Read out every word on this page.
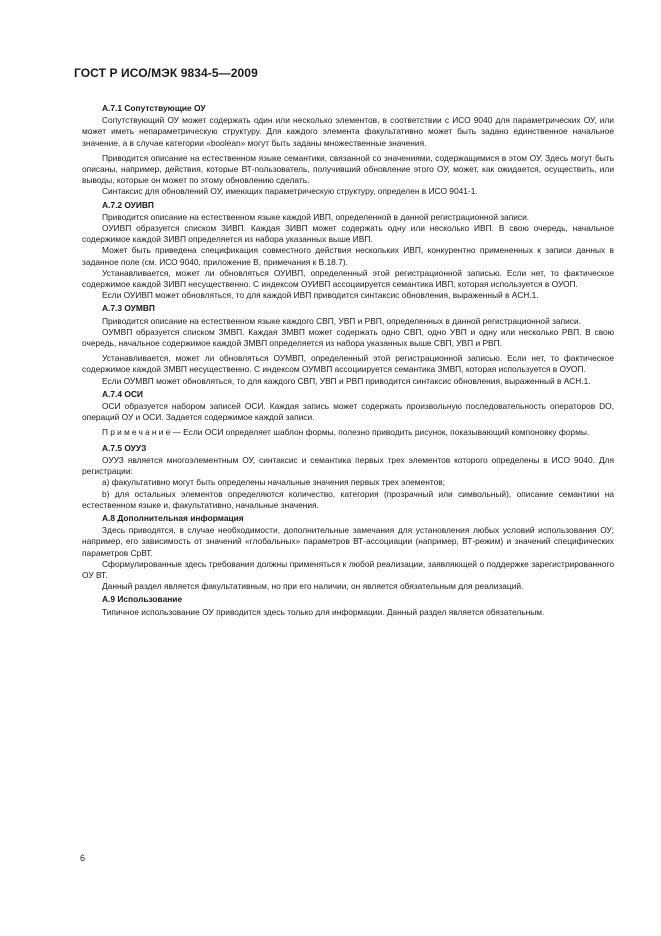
ГОСТ Р ИСО/МЭК 9834-5—2009
А.7.1 Сопутствующие ОУ

Сопутствующий ОУ может содержать один или несколько элементов, в соответствии с ИСО 9040 для параметрических ОУ, или может иметь непараметрическую структуру. Для каждого элемента факультативно может быть задано единственное начальное значение, а в случае категории «boolean» могут быть заданы множественные значения.

Приводится описание на естественном языке семантики, связанной со значениями, содержащимися в этом ОУ. Здесь могут быть описаны, например, действия, которые ВТ-пользователь, получивший обновление этого ОУ, может, как ожидается, осуществить, или выводы, которые он может по этому обновлению сделать.

Синтаксис для обновлений ОУ, имеющих параметрическую структуру, определен в ИСО 9041-1.

А.7.2 ОУИВП

Приводится описание на естественном языке каждой ИВП, определенной в данной регистрационной записи.

ОУИВП образуется списком ЗИВП. Каждая ЗИВП может содержать одну или несколько ИВП. В свою очередь, начальное содержимое каждой ЗИВП определяется из набора указанных выше ИВП.

Может быть приведена спецификация совместного действия нескольких ИВП, конкурентно примененных к записи данных в заданное поле (см. ИСО 9040, приложение В, примечания к В.18.7).

Устанавливается, может ли обновляться ОУИВП, определенный этой регистрационной записью. Если нет, то фактическое содержимое каждой ЗИВП несущественно. С индексом ОУИВП ассоциируется семантика ИВП, которая используется в ОУОП.

Если ОУИВП может обновляться, то для каждой ИВП приводится синтаксис обновления, выраженный в АСН.1.

А.7.3 ОУМВП

Приводится описание на естественном языке каждого СВП, УВП и РВП, определенных в данной регистрационной записи.

ОУМВП образуется списком ЗМВП. Каждая ЗМВП может содержать одно СВП, одно УВП и одну или несколько РВП. В свою очередь, начальное содержимое каждой ЗМВП определяется из набора указанных выше СВП, УВП и РВП.

Устанавливается, может ли обновляться ОУМВП, определенный этой регистрационной записью. Если нет, то фактическое содержимое каждой ЗМВП несущественно. С индексом ОУМВП ассоциируется семантика ЗМВП, которая используется в ОУОП.

Если ОУМВП может обновляться, то для каждого СВП, УВП и РВП приводится синтаксис обновления, выраженный в АСН.1.

А.7.4 ОСИ

ОСИ образуется набором записей ОСИ. Каждая запись может содержать произвольную последовательность операторов DO, операций ОУ и ОСИ. Задается содержимое каждой записи.

Примечание— Если ОСИ определяет шаблон формы, полезно приводить рисунок, показывающий компоновку формы.

А.7.5 ОУУЗ

ОУУЗ является многоэлементным ОУ, синтаксис и семантика первых трех элементов которого определены в ИСО 9040. Для регистрации:

а) факультативно могут быть определены начальные значения первых трех элементов;

b) для остальных элементов определяются количество, категория (прозрачный или символьный), описание семантики на естественном языке и, факультативно, начальные значения.

А.8 Дополнительная информация

Здесь приводятся, в случае необходимости, дополнительные замечания для установления любых условий использования ОУ; например, его зависимость от значений «глобальных» параметров ВТ-ассоциации (например, ВТ-режим) и значений специфических параметров СрВТ.

Сформулированные здесь требования должны применяться к любой реализации, заявляющей о поддержке зарегистрированного ОУ ВТ.

Данный раздел является факультативным, но при его наличии, он является обязательным для реализаций.

А.9 Использование

Типичное использование ОУ приводится здесь только для информации. Данный раздел является обязательным.

6
